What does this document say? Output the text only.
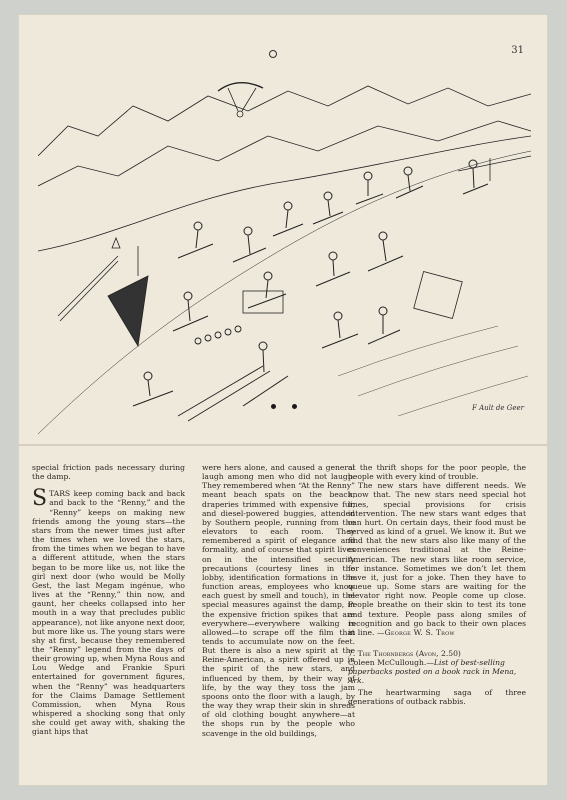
31
F Ault de Geer

special friction pads necessary during the damp.

STARS keep coming back and back and back to the “Renny,” and the “Renny” keeps on making new friends among the young stars—the stars from the newer times just after the times when we loved the stars, from the times when we began to have a different attitude, when the stars began to be more like us, not like the girl next door (who would be Molly Gest, the last Megam ingénue, who lives at the “Renny,” thin now, and gaunt, her cheeks collapsed into her mouth in a way that precludes public appearance), not like anyone next door, but more like us. The young stars were shy at first, because they remembered the “Renny” legend from the days of their growing up, when Myna Rous and Lou Wedge and Frankie Spuri entertained for government figures, when the “Renny” was headquarters for the Claims Damage Settlement Commission, when Myna Rous whispered a shocking song that only she could get away with, shaking the giant hips that

were hers alone, and caused a general laugh among men who did not laugh. They remembered when “At the Renny” meant beach spats on the beach, draperies trimmed with expensive fur, and diesel-powered buggies, attended by Southern people, running from the elevators to each room. They remembered a spirit of elegance and formality, and of course that spirit lives on in the intensified security precautions (courtesy lines in the lobby, identification formations in the function areas, employees who know each guest by smell and touch), in the special measures against the damp, in the expensive friction spikes that are everywhere—everywhere walking is allowed—to scrape off the film that tends to accumulate now on the feet. But there is also a new spirit at the Reine-American, a spirit offered up in the spirit of the new stars, and influenced by them, by their way of life, by the way they toss the jam spoons onto the floor with a laugh, by the way they wrap their skin in shreds of old clothing bought anywhere—at the shops run by the people who scavenge in the old buildings,

at the thrift shops for the poor people, the people with every kind of trouble.

The new stars have different needs. We know that. The new stars need special hot lines, special provisions for crisis intervention. The new stars want edges that can hurt. On certain days, their food must be served as kind of a gruel. We know it. But we find that the new stars also like many of the conveniences traditional at the Reine-American. The new stars like room service, for instance. Sometimes we don’t let them have it, just for a joke. Then they have to queue up. Some stars are waiting for the elevator right now. People come up close. People breathe on their skin to test its tone and texture. People pass along smiles of recognition and go back to their own places in line. —George W. S. Trow

7. The Thornbergs (Avon, 2.50)
Coleen McCullough.—List of best-selling paperbacks posted on a book rack in Mena, Ark.

The heartwarming saga of three generations of outback rabbis.
